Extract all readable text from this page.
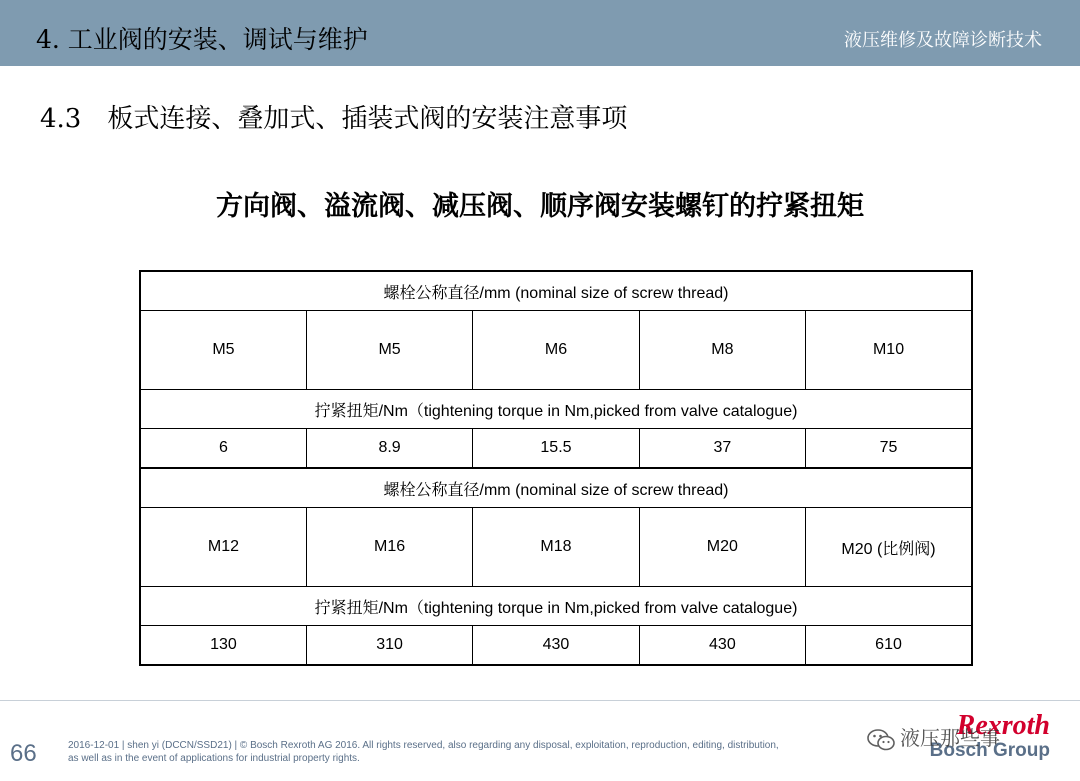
4. 工业阀的安装、调试与维护	液压维修及故障诊断技术
4.3 板式连接、叠加式、插装式阀的安装注意事项
方向阀、溢流阀、减压阀、顺序阀安装螺钉的拧紧扭矩
螺栓公称直径/mm (nominal size of screw thread)				
M5	M5	M6	M8	M10
拧紧扭矩/Nm（tightening torque in Nm,picked from valve catalogue)				
6	8.9	15.5	37	75
螺栓公称直径/mm (nominal size of screw thread)				
M12	M16	M18	M20	M20 (比例阀)
拧紧扭矩/Nm（tightening torque in Nm,picked from valve catalogue)				
130	310	430	430	610
66	2016-12-01 | shen yi (DCCN/SSD21) | © Bosch Rexroth AG 2016. All rights reserved, also regarding any disposal, exploitation, reproduction, editing, distribution,
as well as in the event of applications for industrial property rights.
Rexroth
Bosch Group
液压那些事
